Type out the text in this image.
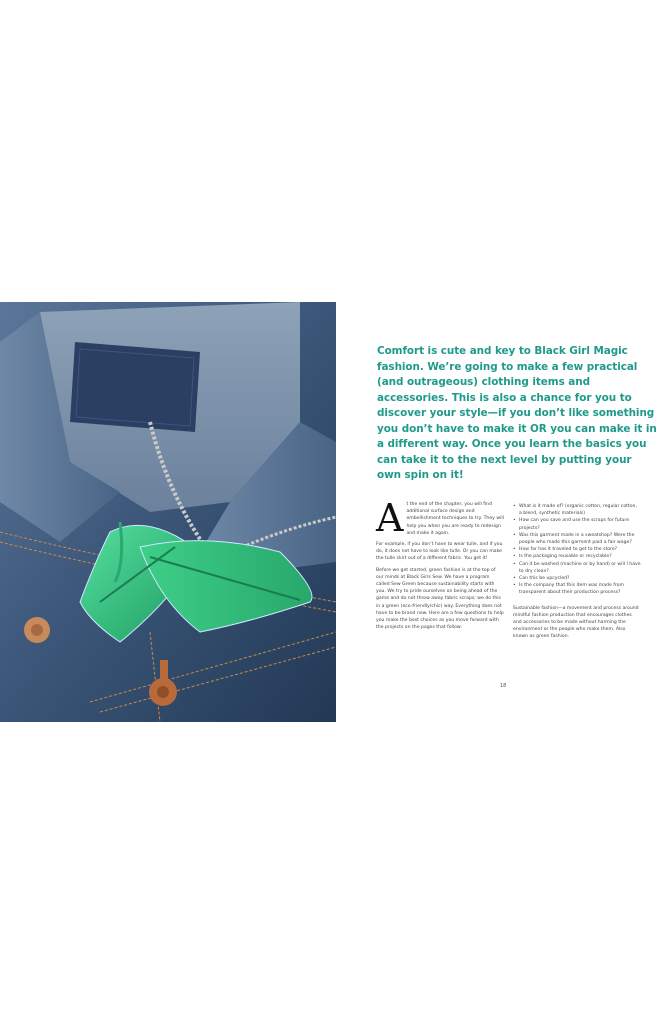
Comfort is cute and key to Black Girl Magic fashion. We’re going to make a few practical (and outrageous) clothing items and accessories. This is also a chance for you to discover your style—if you don’t like something you don’t have to make it OR you can make it in a different way. Once you learn the basics you can take it to the next level by putting your own spin on it!

At the end of the chapter, you will find additional surface design and embellishment techniques to try. They will help you when you are ready to redesign and make it again.

For example, if you don’t have to wear tulle, and if you do, it does not have to look like tulle. Or you can make the tulle skirt out of a different fabric. You get it!

Before we get started, green fashion is at the top of our minds at Black Girls Sew. We have a program called Sew Green because sustainability starts with you. We try to pride ourselves on being ahead of the game and do not throw away fabric scraps; we do this in a green (eco-friendly/chic) way. Everything does not have to be brand new. Here are a few questions to help you make the best choices as you move forward with the projects on the pages that follow:

• What is it made of? (organic cotton, regular cotton, a blend, synthetic materials)
• How can you save and use the scraps for future projects?
• Was this garment made in a sweatshop? Were the people who made this garment paid a fair wage?
• How far has it traveled to get to the store?
• Is the packaging reusable or recyclable?
• Can it be washed (machine or by hand) or will I have to dry clean?
• Can this be upcycled?
• Is the company that this item was made from transparent about their production process?

Sustainable fashion—a movement and process around mindful fashion production that encourages clothes and accessories to be made without harming the environment or the people who make them. Also known as green fashion.

18
